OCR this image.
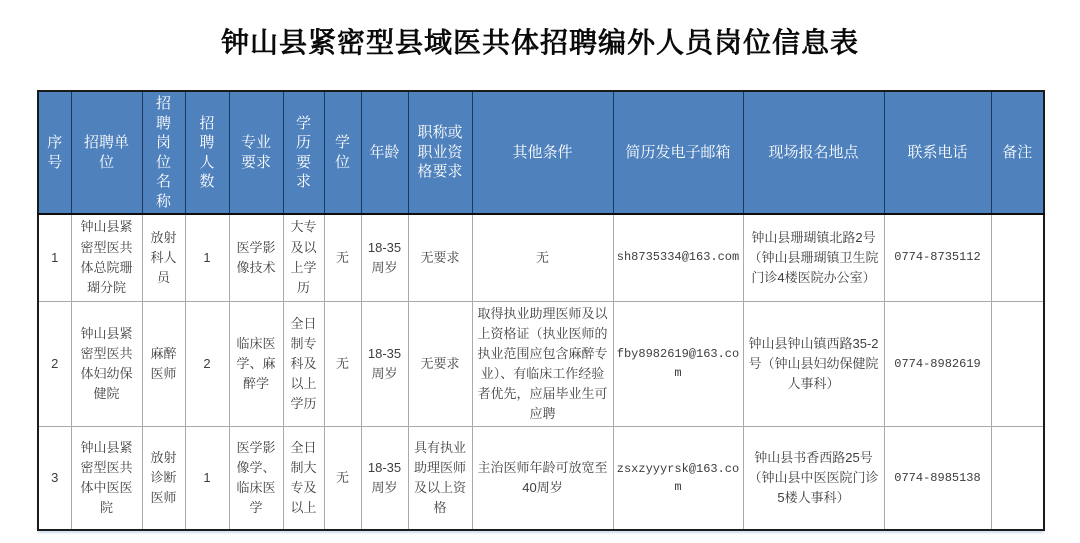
钟山县紧密型县域医共体招聘编外人员岗位信息表
序号	招聘单位	招聘岗位名称	招聘人数	专业要求	学历要求	学位	年龄	职称或职业资格要求	其他条件	简历发电子邮箱	现场报名地点	联系电话	备注
1	钟山县紧密型医共体总院珊瑚分院	放射科人员	1	医学影像技术	大专及以上学历	无	18-35周岁	无要求	无	sh8735334@163.com	钟山县珊瑚镇北路2号（钟山县珊瑚镇卫生院门诊4楼医院办公室）	0774-8735112	
2	钟山县紧密型医共体妇幼保健院	麻醉医师	2	临床医学、麻醉学	全日制专科及以上学历	无	18-35周岁	无要求	取得执业助理医师及以上资格证（执业医师的执业范围应包含麻醉专业）、有临床工作经验者优先，应届毕业生可应聘	fby8982619@163.com	钟山县钟山镇西路35-2号（钟山县妇幼保健院人事科）	0774-8982619	
3	钟山县紧密型医共体中医医院	放射诊断医师	1	医学影像学、临床医学	全日制大专及以上	无	18-35周岁	具有执业助理医师及以上资格	主治医师年龄可放宽至40周岁	zsxzyyyrsk@163.com	钟山县书香西路25号（钟山县中医医院门诊5楼人事科）	0774-8985138	
